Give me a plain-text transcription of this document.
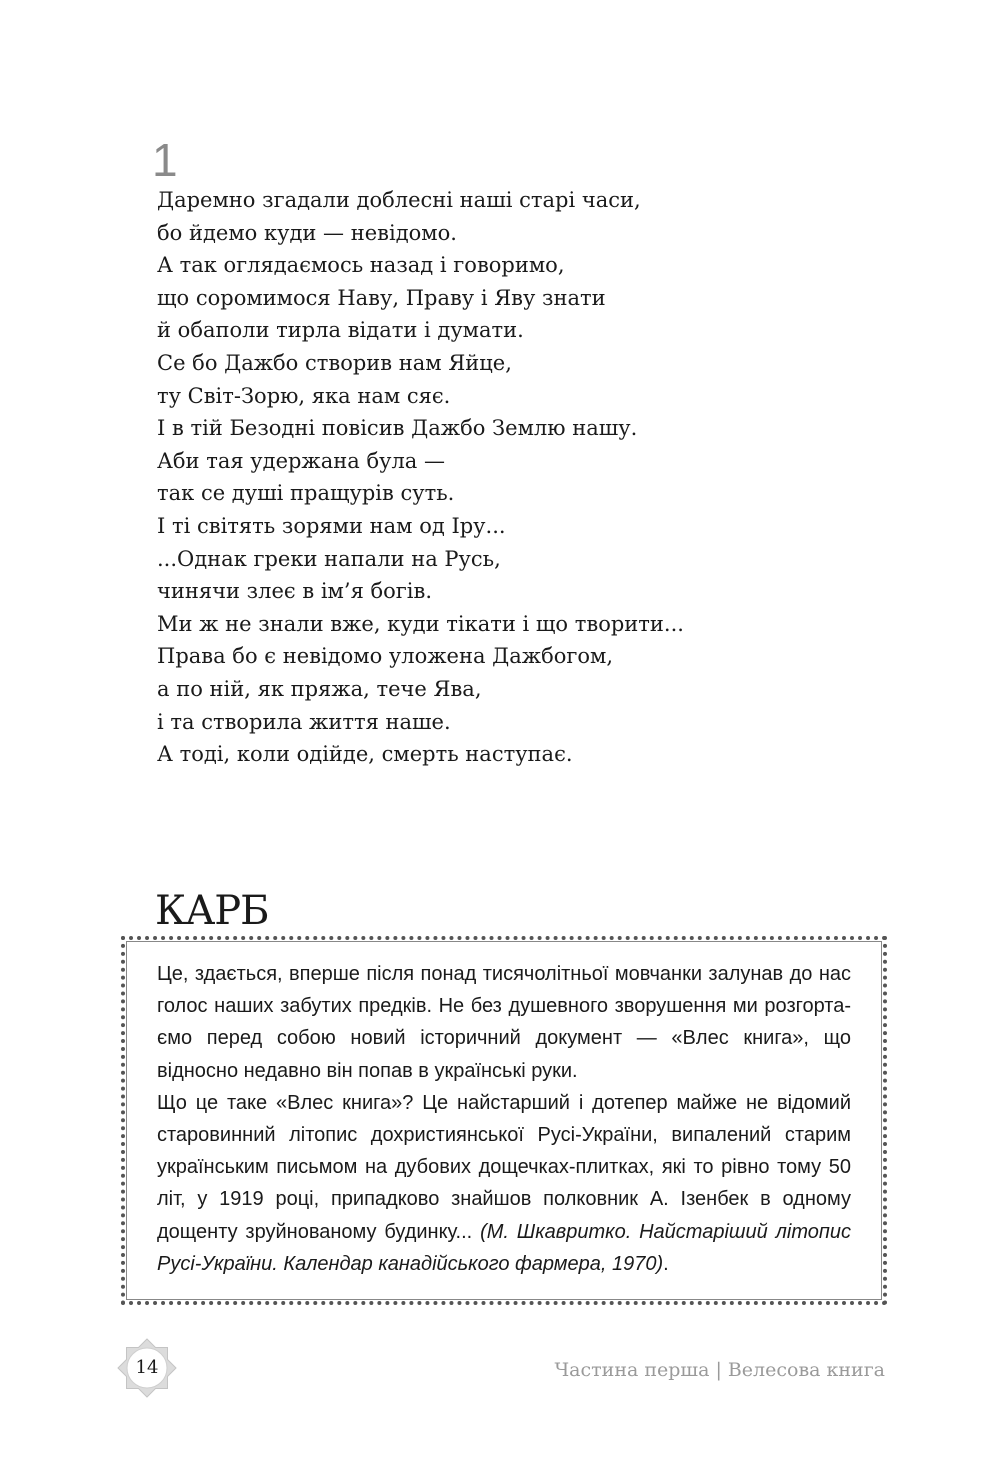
1
Даремно згадали доблесні наші старі часи,
бо йдемо куди — невідомо.
А так оглядаємось назад і говоримо,
що соромимося Наву, Праву і Яву знати
й обаполи тирла відати і думати.
Се бо Дажбо створив нам Яйце,
ту Світ-Зорю, яка нам сяє.
І в тій Безодні повісив Дажбо Землю нашу.
Аби тая удержана була —
так се душі пращурів суть.
І ті світять зорями нам од Іру...
...Однак греки напали на Русь,
чинячи злеє в ім’я богів.
Ми ж не знали вже, куди тікати і що творити...
Права бо є невідомо уложена Дажбогом,
а по ній, як пряжа, тече Ява,
і та створила життя наше.
А тоді, коли одійде, смерть наступає.
КАРБ

Це, здається, вперше після понад тисячолітньої мовчанки залунав до нас голос наших забутих предків. Не без душевного зворушення ми розгортаємо перед собою новий історичний документ — «Влес книга», що відносно недавно він попав в українські руки.

Що це таке «Влес книга»? Це найстарший і дотепер майже не відомий старовинний літопис дохристиянської Русі-України, випалений старим українським письмом на дубових дощечках-плитках, які то рівно тому 50 літ, у 1919 році, припадково знайшов полковник А. Ізенбек в одному дощенту зруйнованому будинку... (М. Шкавритко. Найстаріший літопис Русі-України. Календар канадійського фармера, 1970).

14	Частина перша | Велесова книга
